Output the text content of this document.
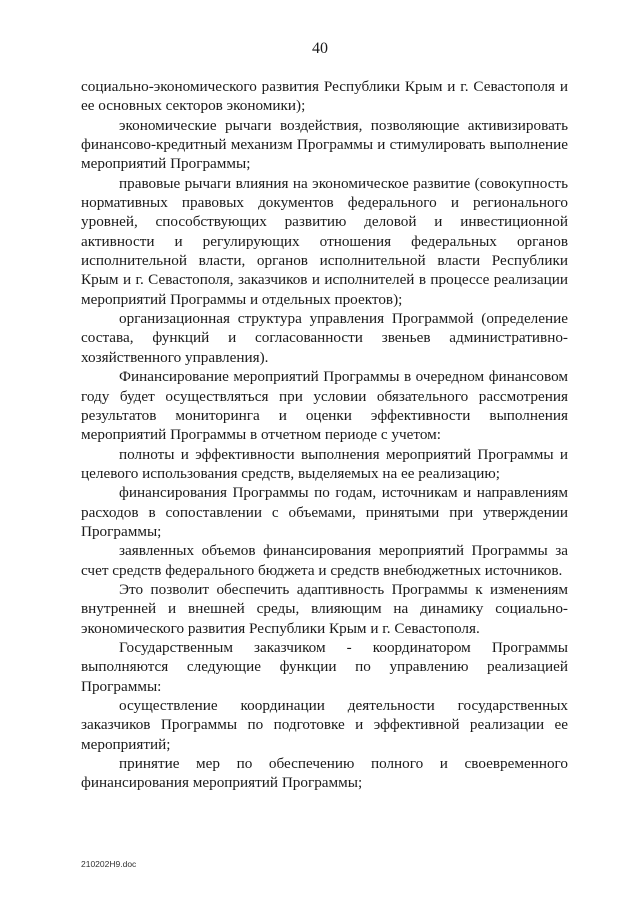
40

социально-экономического развития Республики Крым и г. Севастополя и ее основных секторов экономики);

экономические рычаги воздействия, позволяющие активизировать финансово-кредитный механизм Программы и стимулировать выполнение мероприятий Программы;

правовые рычаги влияния на экономическое развитие (совокупность нормативных правовых документов федерального и регионального уровней, способствующих развитию деловой и инвестиционной активности и регулирующих отношения федеральных органов исполнительной власти, органов исполнительной власти Республики Крым и г. Севастополя, заказчиков и исполнителей в процессе реализации мероприятий Программы и отдельных проектов);

организационная структура управления Программой (определение состава, функций и согласованности звеньев административно-хозяйственного управления).

Финансирование мероприятий Программы в очередном финансовом году будет осуществляться при условии обязательного рассмотрения результатов мониторинга и оценки эффективности выполнения мероприятий Программы в отчетном периоде с учетом:

полноты и эффективности выполнения мероприятий Программы и целевого использования средств, выделяемых на ее реализацию;

финансирования Программы по годам, источникам и направлениям расходов в сопоставлении с объемами, принятыми при утверждении Программы;

заявленных объемов финансирования мероприятий Программы за счет средств федерального бюджета и средств внебюджетных источников.

Это позволит обеспечить адаптивность Программы к изменениям внутренней и внешней среды, влияющим на динамику социально-экономического развития Республики Крым и г. Севастополя.

Государственным заказчиком - координатором Программы выполняются следующие функции по управлению реализацией Программы:

осуществление координации деятельности государственных заказчиков Программы по подготовке и эффективной реализации ее мероприятий;

принятие мер по обеспечению полного и своевременного финансирования мероприятий Программы;

210202Н9.doc
